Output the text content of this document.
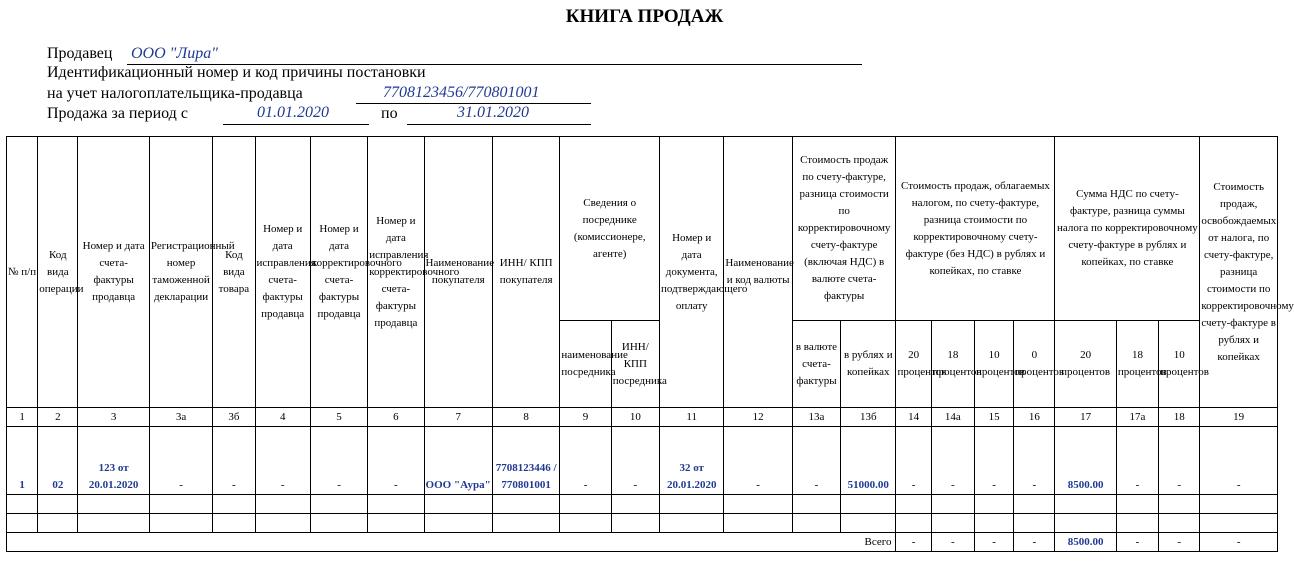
КНИГА ПРОДАЖ
Продавец ООО "Лира"
Идентификационный номер и код причины постановки
на учет налогоплательщика-продавца	7708123456/770801001
Продажа за период с	01.01.2020	по	31.01.2020
№ п/п	Код вида операции	Номер и дата счета-фактуры продавца	Регистрационный номер таможенной декларации	Код вида товара	Номер и дата исправления счета-фактуры продавца	Номер и дата корректировочного счета-фактуры продавца	Номер и дата исправления корректировочного счета-фактуры продавца	Наименование покупателя	ИНН/ КПП покупателя	Сведения о посреднике (комиссионере, агенте)		Номер и дата документа, подтверждающего оплату	Наименование и код валюты	Стоимость продаж по счету-фактуре, разница стоимости по корректировочному счету-фактуре (включая НДС) в валюте счета-фактуры		Стоимость продаж, облагаемых налогом, по счету-фактуре, разница стоимости по корректировочному счету-фактуре (без НДС) в рублях и копейках, по ставке				Сумма НДС по счету-фактуре, разница суммы налога по корректировочному счету-фактуре в рублях и копейках, по ставке			Стоимость продаж, освобождаемых от налога, по счету-фактуре, разница стоимости по корректировочному счету-фактуре в рублях и копейках
										наименование посредника	ИНН/ КПП посредника			в валюте счета-фактуры	в рублях и копейках	20 процентов	18 процентов	10 процентов	0 процентов	20 процентов	18 процентов	10 процентов	
1	2	3	3а	3б	4	5	6	7	8	9	10	11	12	13а	13б	14	14а	15	16	17	17а	18	19
1	02	123 от 20.01.2020	-	-	-	-	-	ООО "Аура"	7708123446 / 770801001	-	-	32 от 20.01.2020	-	-	51000.00	-	-	-	-	8500.00	-	-	-

Всего																-	-	-	-	8500.00	-	-	-
